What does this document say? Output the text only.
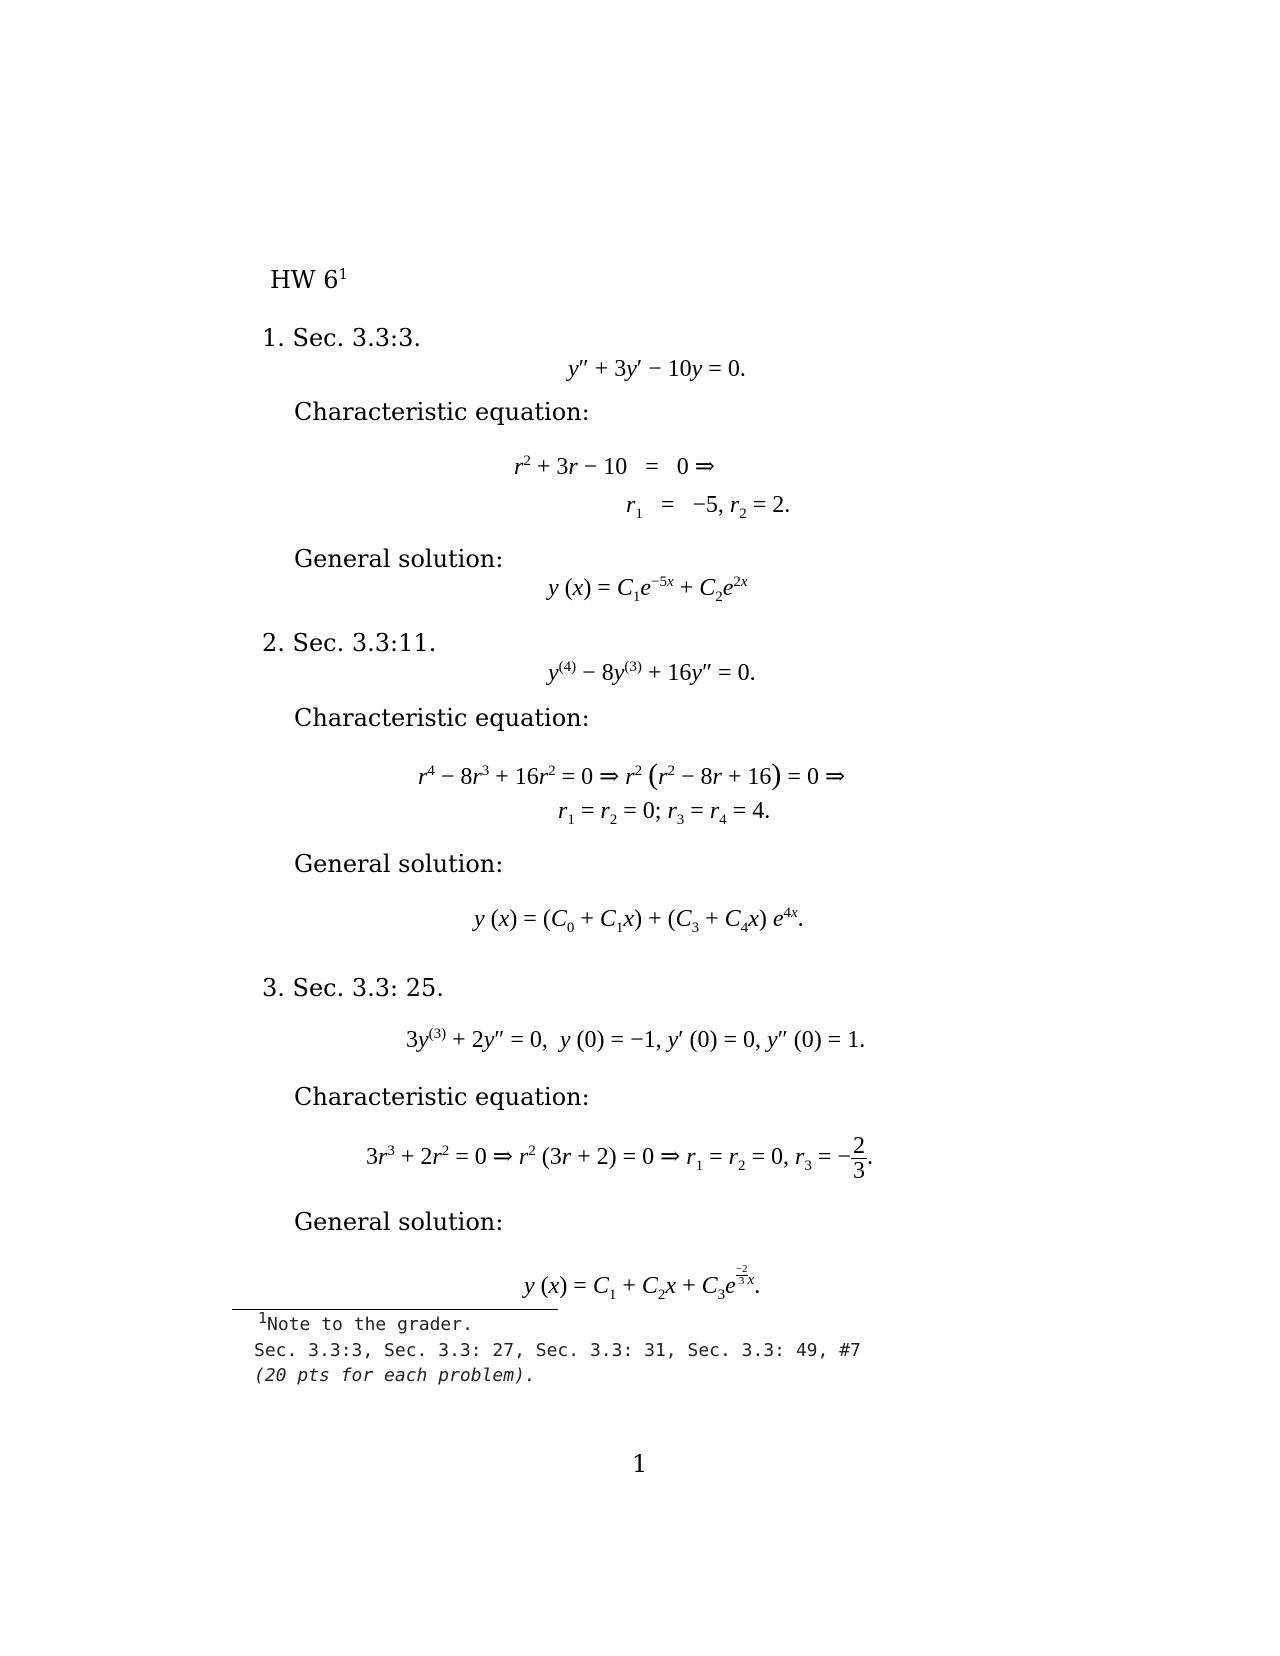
HW $6^1$
1. Sec. 3.3:3.
y″ + 3y′ − 10y = 0.
Characteristic equation:
$r^2 + 3r - 10 = 0$ ⇒
$r_1 = -5$, $r_2 = 2$.
General solution:
y $(x) = C_1e^{-5x} + C_2e^{2x}$
2. Sec. 3.3:11.
$y^{(4)} - 8y^{(3)} + 16y'' = 0$.
Characteristic equation:
$r^4 - 8r^3 + 16r^2 = 0$ ⇒ $r^2$ $(r^2 - 8r + 16) = 0$ ⇒
$r_1 = r_2 = 0$; $r_3 = r_4 = 4$.
General solution:
y $(x) = (C_0 + C_1x) + (C_3 + C_4x)$ $e^{4x}$.
3. Sec. 3.3: 25.
$3y^{(3)} + 2y'' = 0$,  y (0) = −1, y′ (0) = 0, y″ (0) = 1.
Characteristic equation:
$3r^3 + 2r^2 = 0$ ⇒ $r^2$ (3r + 2) = 0 ⇒ $r_1 = r_2 = 0$, $r_3$ = − $\frac{2}{3}$ .
General solution:
y $(x) = C_1 + C_2x + C_3e \frac{-2}{3}^x$.
$^1$Note to the grader.
Sec. 3.3:3, Sec. 3.3: 27, Sec. 3.3: 31, Sec. 3.3: 49, #7
(20 pts for each problem).
1
